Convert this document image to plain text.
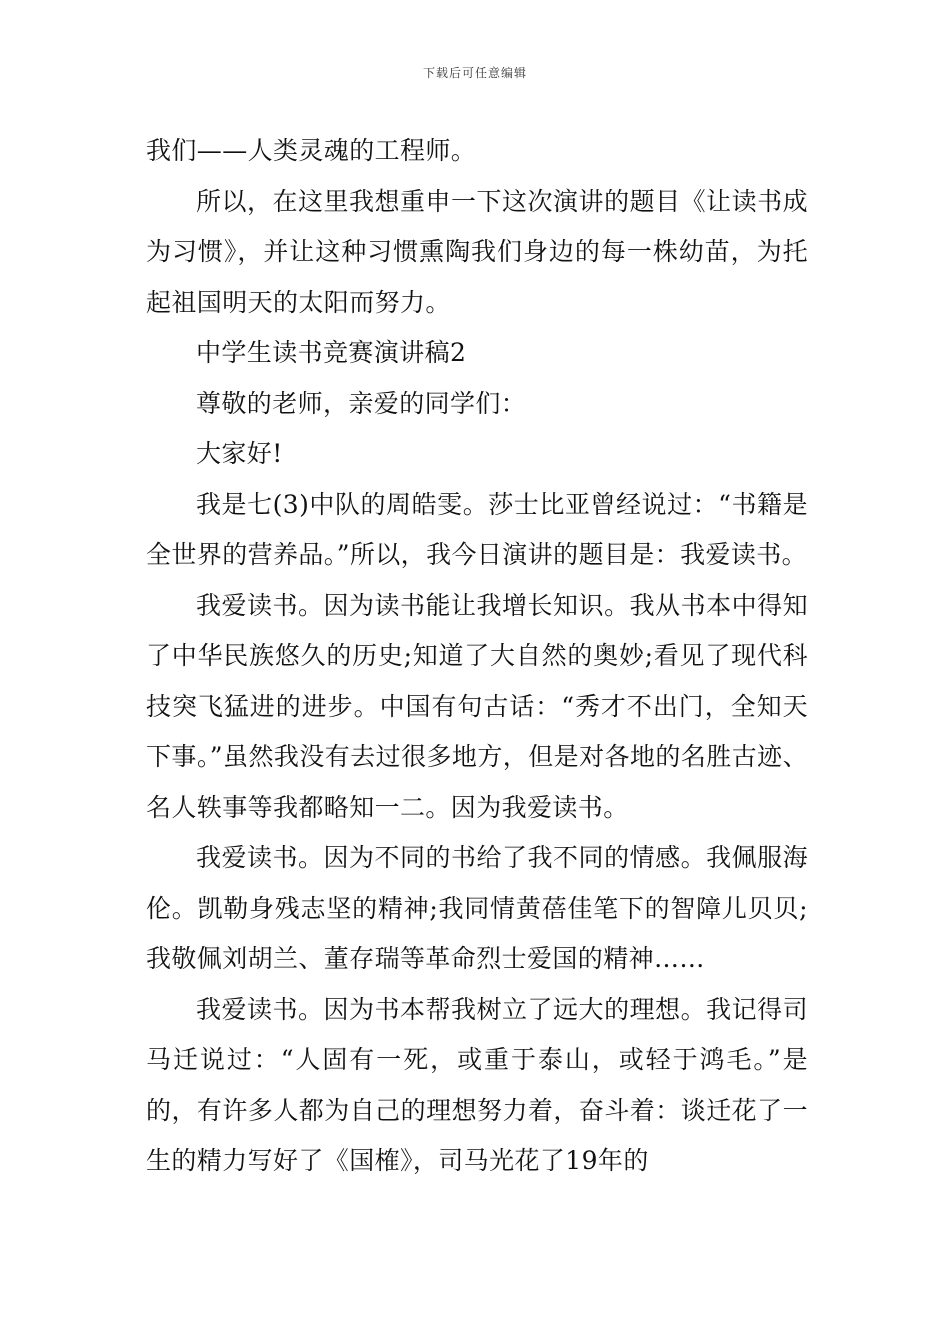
下载后可任意编辑

我们——人类灵魂的工程师。

所以，在这里我想重申一下这次演讲的题目《让读书成为习惯》，并让这种习惯熏陶我们身边的每一株幼苗，为托起祖国明天的太阳而努力。

中学生读书竞赛演讲稿2

尊敬的老师，亲爱的同学们：

大家好!

我是七(3)中队的周皓雯。莎士比亚曾经说过：“书籍是全世界的营养品。”所以，我今日演讲的题目是：我爱读书。

我爱读书。因为读书能让我增长知识。我从书本中得知了中华民族悠久的历史;知道了大自然的奥妙;看见了现代科技突飞猛进的进步。中国有句古话：“秀才不出门，全知天下事。”虽然我没有去过很多地方，但是对各地的名胜古迹、名人轶事等我都略知一二。因为我爱读书。

我爱读书。因为不同的书给了我不同的情感。我佩服海伦。凯勒身残志坚的精神;我同情黄蓓佳笔下的智障儿贝贝;我敬佩刘胡兰、董存瑞等革命烈士爱国的精神……

我爱读书。因为书本帮我树立了远大的理想。我记得司马迁说过：“人固有一死，或重于泰山，或轻于鸿毛。”是的，有许多人都为自己的理想努力着，奋斗着：谈迁花了一生的精力写好了《国榷》，司马光花了19年的
